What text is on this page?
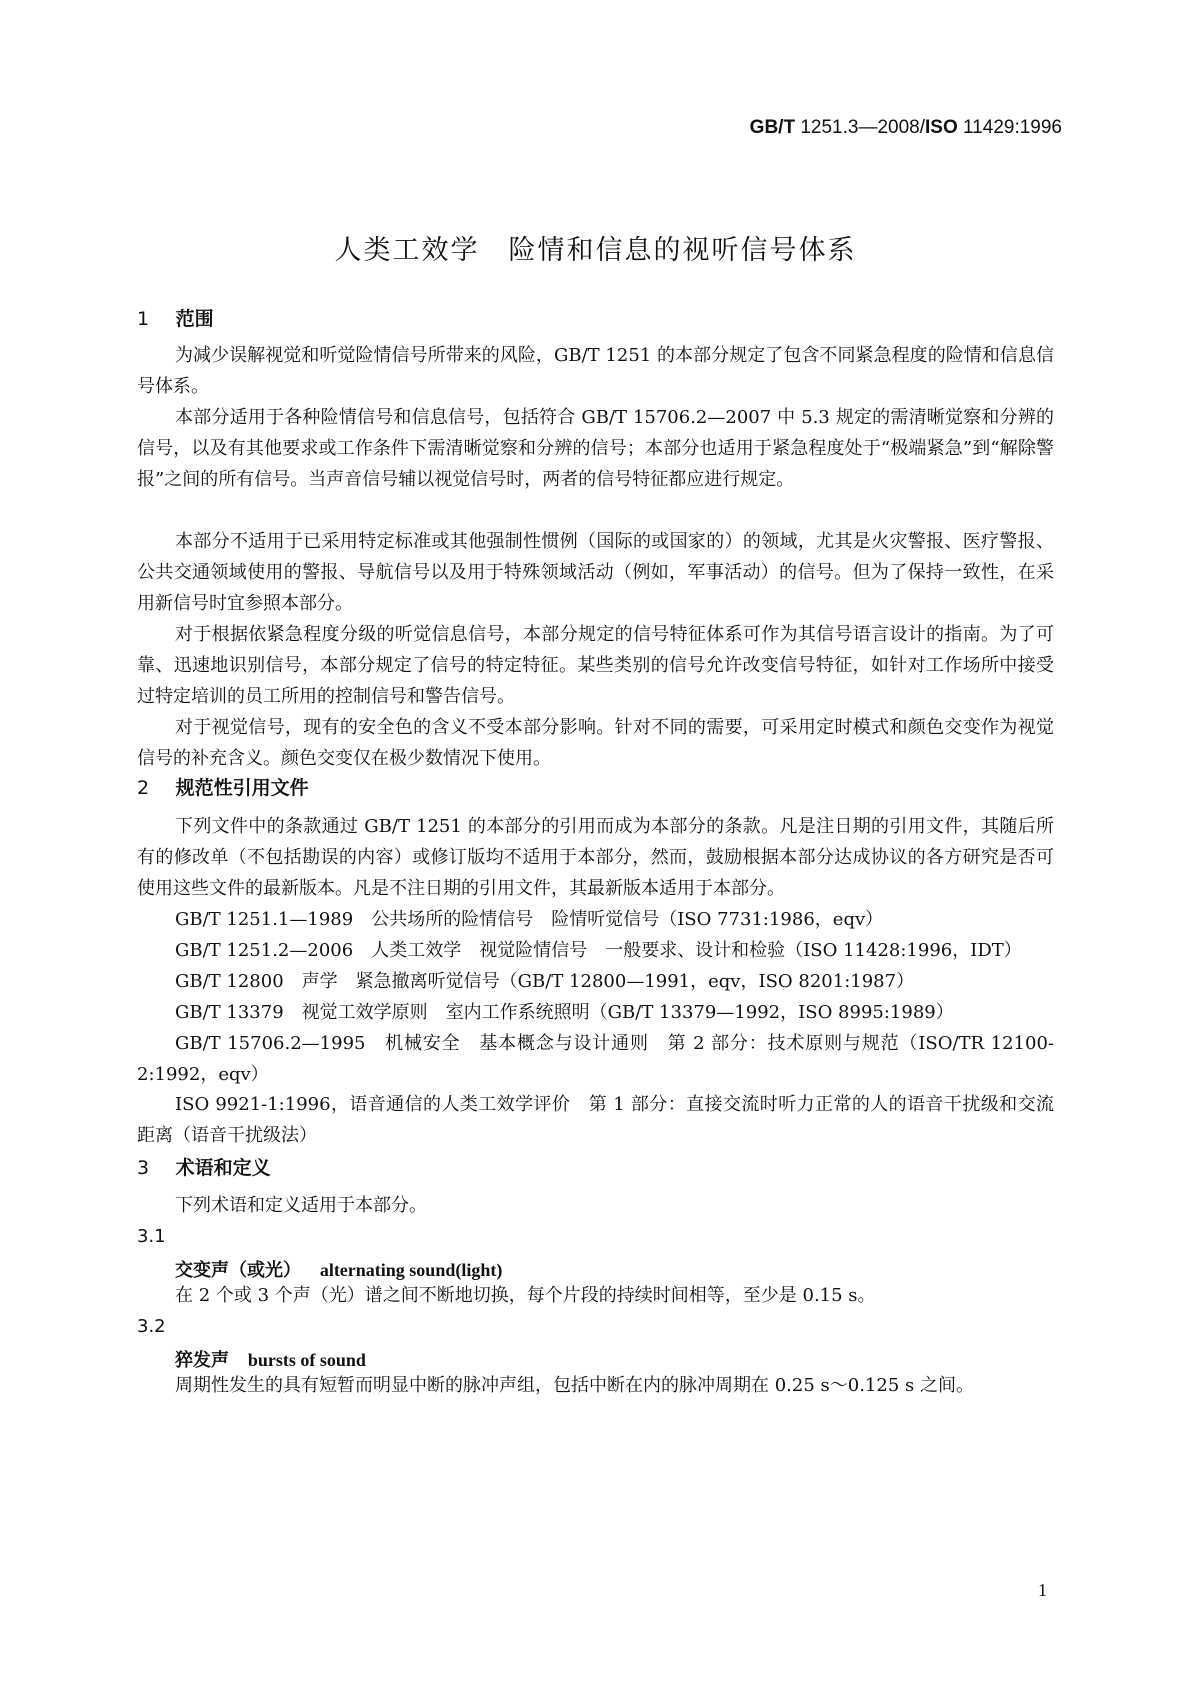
GB/T 1251.3—2008/ISO 11429:1996
人类工效学　险情和信息的视听信号体系
1 范围

为减少误解视觉和听觉险情信号所带来的风险，GB/T 1251 的本部分规定了包含不同紧急程度的险情和信息信号体系。

本部分适用于各种险情信号和信息信号，包括符合 GB/T 15706.2—2007 中 5.3 规定的需清晰觉察和分辨的信号，以及有其他要求或工作条件下需清晰觉察和分辨的信号；本部分也适用于紧急程度处于“极端紧急”到“解除警报”之间的所有信号。当声音信号辅以视觉信号时，两者的信号特征都应进行规定。

本部分不适用于已采用特定标准或其他强制性惯例（国际的或国家的）的领域，尤其是火灾警报、医疗警报、公共交通领域使用的警报、导航信号以及用于特殊领域活动（例如，军事活动）的信号。但为了保持一致性，在采用新信号时宜参照本部分。

对于根据依紧急程度分级的听觉信息信号，本部分规定的信号特征体系可作为其信号语言设计的指南。为了可靠、迅速地识别信号，本部分规定了信号的特定特征。某些类别的信号允许改变信号特征，如针对工作场所中接受过特定培训的员工所用的控制信号和警告信号。

对于视觉信号，现有的安全色的含义不受本部分影响。针对不同的需要，可采用定时模式和颜色交变作为视觉信号的补充含义。颜色交变仅在极少数情况下使用。

2 规范性引用文件

下列文件中的条款通过 GB/T 1251 的本部分的引用而成为本部分的条款。凡是注日期的引用文件，其随后所有的修改单（不包括勘误的内容）或修订版均不适用于本部分，然而，鼓励根据本部分达成协议的各方研究是否可使用这些文件的最新版本。凡是不注日期的引用文件，其最新版本适用于本部分。

GB/T 1251.1—1989　公共场所的险情信号　险情听觉信号（ISO 7731:1986，eqv）

GB/T 1251.2—2006　人类工效学　视觉险情信号　一般要求、设计和检验（ISO 11428:1996，IDT）

GB/T 12800　声学　紧急撤离听觉信号（GB/T 12800—1991，eqv，ISO 8201:1987）

GB/T 13379　视觉工效学原则　室内工作系统照明（GB/T 13379—1992，ISO 8995:1989）

GB/T 15706.2—1995　机械安全　基本概念与设计通则　第 2 部分：技术原则与规范（ISO/TR 12100-2:1992，eqv）

ISO 9921-1:1996，语音通信的人类工效学评价　第 1 部分：直接交流时听力正常的人的语音干扰级和交流距离（语音干扰级法）

3 术语和定义

下列术语和定义适用于本部分。

3.1
交变声（或光） alternating sound(light)

在 2 个或 3 个声（光）谱之间不断地切换，每个片段的持续时间相等，至少是 0.15 s。

3.2
猝发声 bursts of sound

周期性发生的具有短暂而明显中断的脉冲声组，包括中断在内的脉冲周期在 0.25 s～0.125 s 之间。

1
